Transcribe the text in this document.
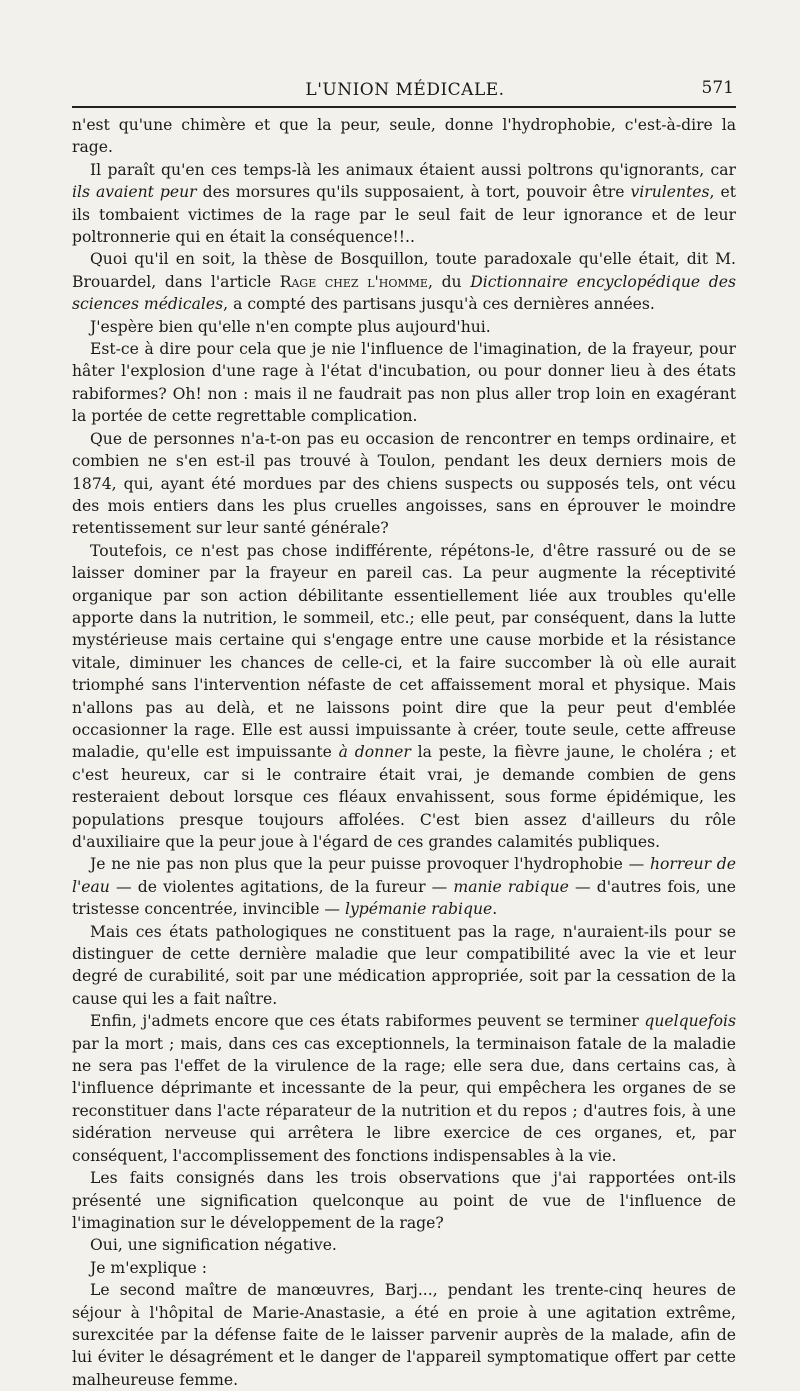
L'UNION MÉDICALE.	571

n'est qu'une chimère et que la peur, seule, donne l'hydrophobie, c'est-à-dire la rage.

Il paraît qu'en ces temps-là les animaux étaient aussi poltrons qu'ignorants, car ils avaient peur des morsures qu'ils supposaient, à tort, pouvoir être virulentes, et ils tombaient victimes de la rage par le seul fait de leur ignorance et de leur poltronnerie qui en était la conséquence!!..

Quoi qu'il en soit, la thèse de Bosquillon, toute paradoxale qu'elle était, dit M. Brouardel, dans l'article Rage chez l'homme, du Dictionnaire encyclopédique des sciences médicales, a compté des partisans jusqu'à ces dernières années.

J'espère bien qu'elle n'en compte plus aujourd'hui.

Est-ce à dire pour cela que je nie l'influence de l'imagination, de la frayeur, pour hâter l'explosion d'une rage à l'état d'incubation, ou pour donner lieu à des états rabiformes? Oh! non : mais il ne faudrait pas non plus aller trop loin en exagérant la portée de cette regrettable complication.

Que de personnes n'a-t-on pas eu occasion de rencontrer en temps ordinaire, et combien ne s'en est-il pas trouvé à Toulon, pendant les deux derniers mois de 1874, qui, ayant été mordues par des chiens suspects ou supposés tels, ont vécu des mois entiers dans les plus cruelles angoisses, sans en éprouver le moindre retentissement sur leur santé générale?

Toutefois, ce n'est pas chose indifférente, répétons-le, d'être rassuré ou de se laisser dominer par la frayeur en pareil cas. La peur augmente la réceptivité organique par son action débilitante essentiellement liée aux troubles qu'elle apporte dans la nutrition, le sommeil, etc.; elle peut, par conséquent, dans la lutte mystérieuse mais certaine qui s'engage entre une cause morbide et la résistance vitale, diminuer les chances de celle-ci, et la faire succomber là où elle aurait triomphé sans l'intervention néfaste de cet affaissement moral et physique. Mais n'allons pas au delà, et ne laissons point dire que la peur peut d'emblée occasionner la rage. Elle est aussi impuissante à créer, toute seule, cette affreuse maladie, qu'elle est impuissante à donner la peste, la fièvre jaune, le choléra ; et c'est heureux, car si le contraire était vrai, je demande combien de gens resteraient debout lorsque ces fléaux envahissent, sous forme épidémique, les populations presque toujours affolées. C'est bien assez d'ailleurs du rôle d'auxiliaire que la peur joue à l'égard de ces grandes calamités publiques.

Je ne nie pas non plus que la peur puisse provoquer l'hydrophobie — horreur de l'eau — de violentes agitations, de la fureur — manie rabique — d'autres fois, une tristesse concentrée, invincible — lypémanie rabique.

Mais ces états pathologiques ne constituent pas la rage, n'auraient-ils pour se distinguer de cette dernière maladie que leur compatibilité avec la vie et leur degré de curabilité, soit par une médication appropriée, soit par la cessation de la cause qui les a fait naître.

Enfin, j'admets encore que ces états rabiformes peuvent se terminer quelquefois par la mort ; mais, dans ces cas exceptionnels, la terminaison fatale de la maladie ne sera pas l'effet de la virulence de la rage; elle sera due, dans certains cas, à l'influence déprimante et incessante de la peur, qui empêchera les organes de se reconstituer dans l'acte réparateur de la nutrition et du repos ; d'autres fois, à une sidération nerveuse qui arrêtera le libre exercice de ces organes, et, par conséquent, l'accomplissement des fonctions indispensables à la vie.

Les faits consignés dans les trois observations que j'ai rapportées ont-ils présenté une signification quelconque au point de vue de l'influence de l'imagination sur le développement de la rage?

Oui, une signification négative.

Je m'explique :

Le second maître de manœuvres, Barj..., pendant les trente-cinq heures de séjour à l'hôpital de Marie-Anastasie, a été en proie à une agitation extrême, surexcitée par la défense faite de le laisser parvenir auprès de la malade, afin de lui éviter le désagrément et le danger de l'appareil symptomatique offert par cette malheureuse femme.
